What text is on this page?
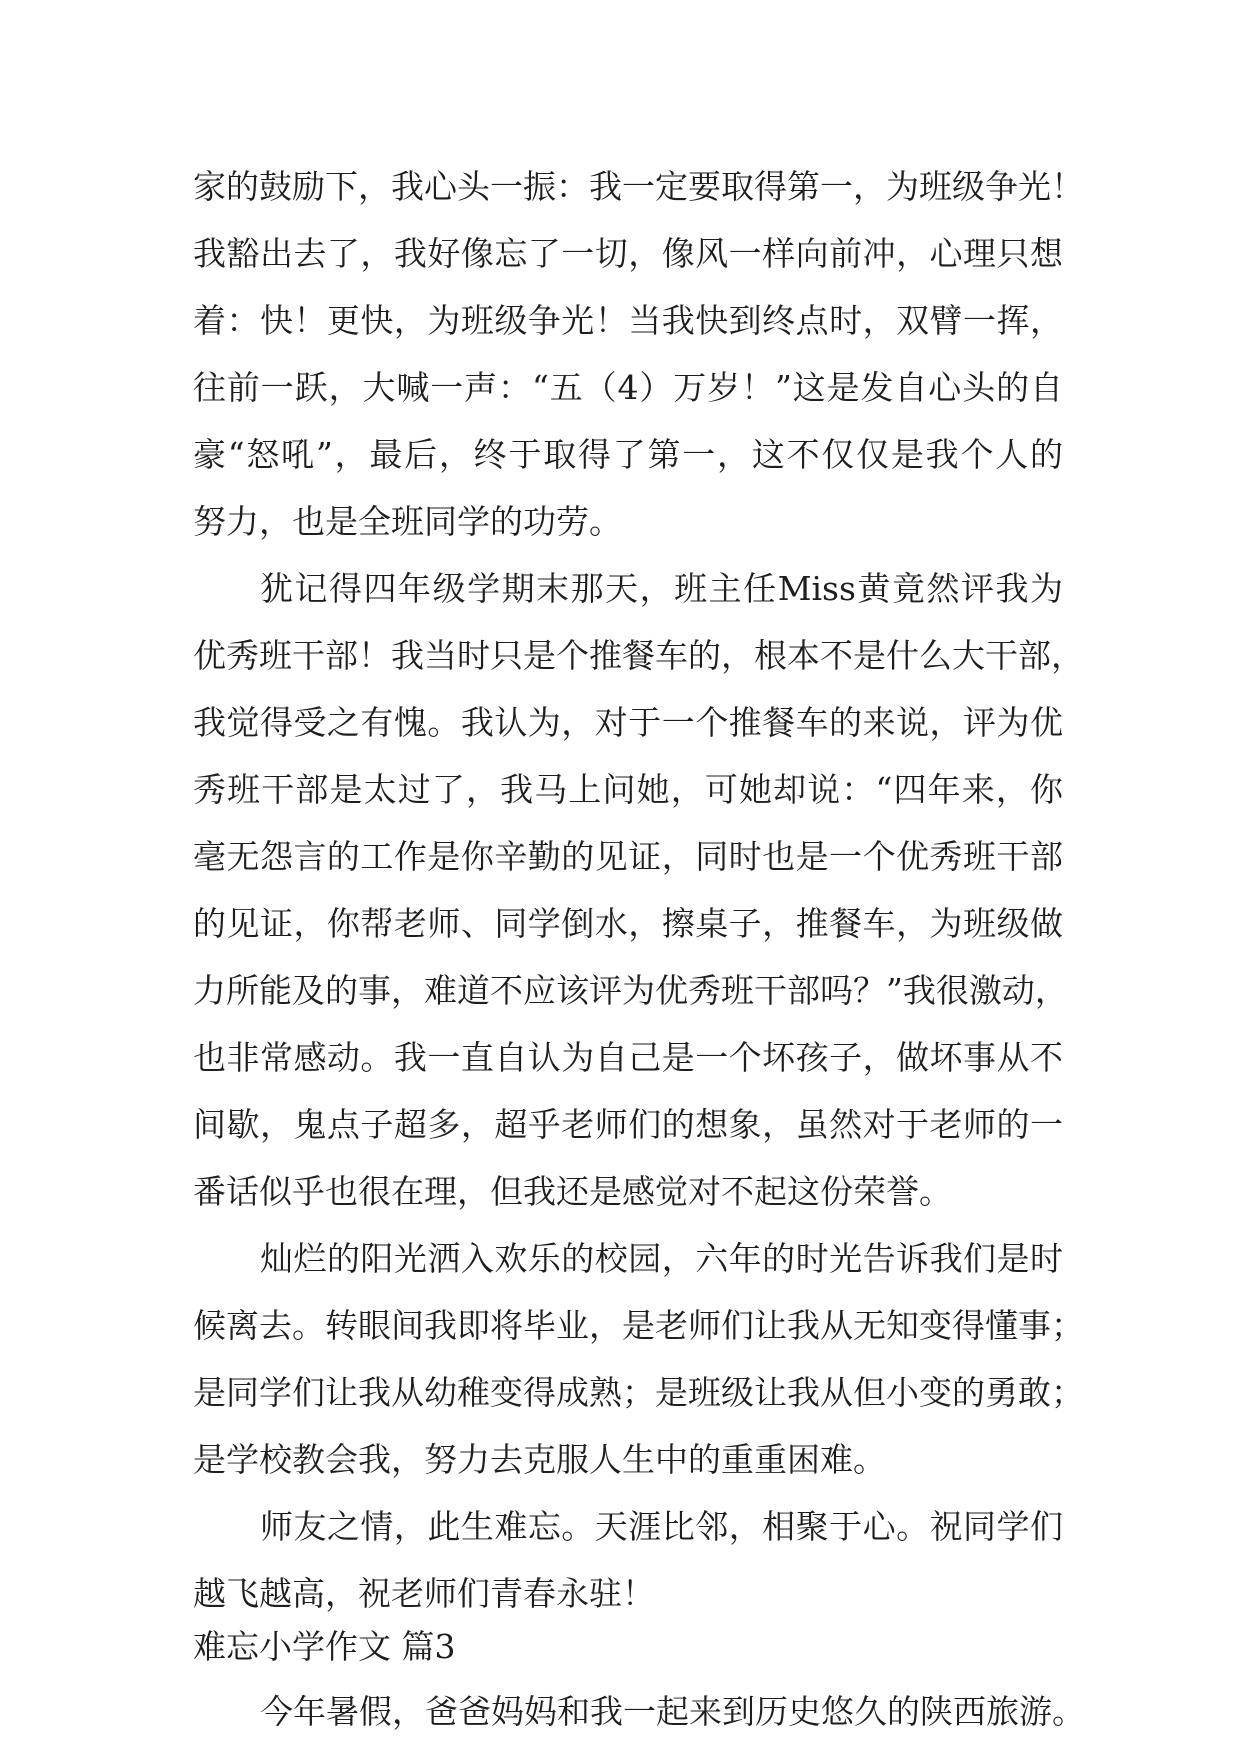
家的鼓励下，我心头一振：我一定要取得第一，为班级争光！
我豁出去了，我好像忘了一切，像风一样向前冲，心理只想
着：快！更快，为班级争光！当我快到终点时，双臂一挥，
往前一跃，大喊一声：“五（4）万岁！”这是发自心头的自
豪“怒吼”，最后，终于取得了第一，这不仅仅是我个人的
努力，也是全班同学的功劳。
犹记得四年级学期末那天，班主任Miss黄竟然评我为
优秀班干部！我当时只是个推餐车的，根本不是什么大干部，
我觉得受之有愧。我认为，对于一个推餐车的来说，评为优
秀班干部是太过了，我马上问她，可她却说：“四年来，你
毫无怨言的工作是你辛勤的见证，同时也是一个优秀班干部
的见证，你帮老师、同学倒水，擦桌子，推餐车，为班级做
力所能及的事，难道不应该评为优秀班干部吗？”我很激动，
也非常感动。我一直自认为自己是一个坏孩子，做坏事从不
间歇，鬼点子超多，超乎老师们的想象，虽然对于老师的一
番话似乎也很在理，但我还是感觉对不起这份荣誉。
灿烂的阳光洒入欢乐的校园，六年的时光告诉我们是时
候离去。转眼间我即将毕业，是老师们让我从无知变得懂事；
是同学们让我从幼稚变得成熟；是班级让我从但小变的勇敢；
是学校教会我，努力去克服人生中的重重困难。
师友之情，此生难忘。天涯比邻，相聚于心。祝同学们
越飞越高，祝老师们青春永驻！
难忘小学作文 篇3
今年暑假，爸爸妈妈和我一起来到历史悠久的陕西旅游。
